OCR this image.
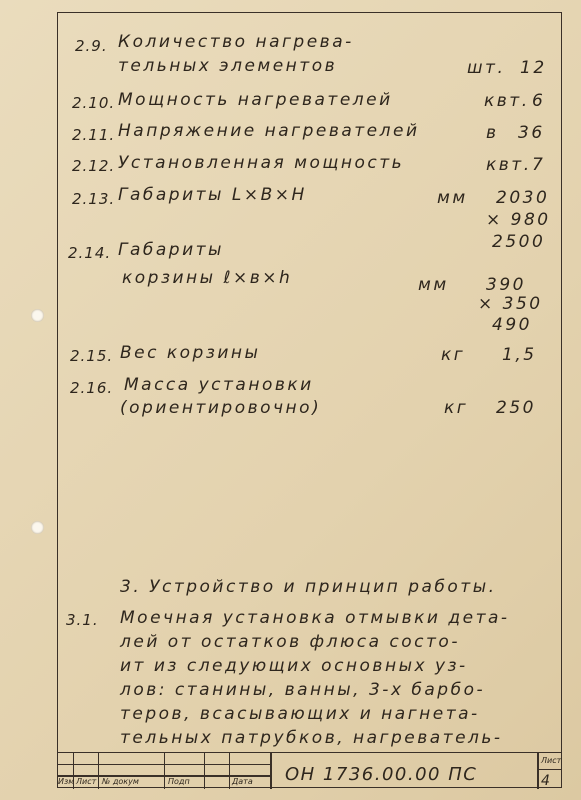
2.9. Количество нагрева-
тельных элементов	шт. 12
2.10. Мощность нагревателей	квт. 6
2.11. Напряжение нагревателей	в 36
2.12. Установленная мощность	квт. 7
2.13. Габариты L×B×H	мм 2030
× 980
2500
2.14. Габариты
корзины ℓ×в×h	мм 390
× 350
490
2.15. Вес корзины	кг 1,5
2.16. Масса установки
(ориентировочно)	кг 250
3. Устройство и принцип работы.
3.1. Моечная установка отмывки дета-
лей от остатков флюса состо-
ит из следующих основных уз-
лов: станины, ванны, 3-х барбо-
теров, всасывающих и нагнета-
тельных патрубков, нагреватель-
Изм Лист № докум	Подп	Дата ОН 1736.00.00 ПС
Лист
4
